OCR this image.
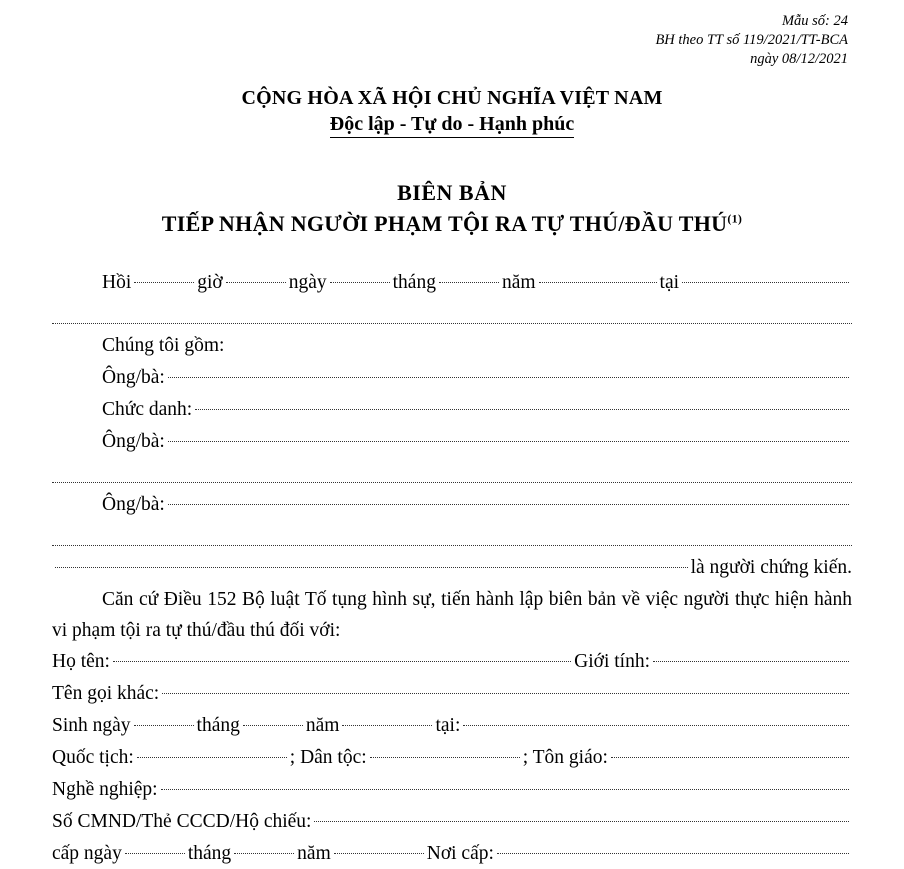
Mẫu số: 24
BH theo TT số 119/2021/TT-BCA
ngày 08/12/2021
CỘNG HÒA XÃ HỘI CHỦ NGHĨA VIỆT NAM
Độc lập - Tự do - Hạnh phúc
BIÊN BẢN
TIẾP NHẬN NGƯỜI PHẠM TỘI RA TỰ THÚ/ĐẦU THÚ$^{(1)}$
Hồi	giờ	ngày	tháng	năm	tại
Chúng tôi gồm:
Ông/bà:
Chức danh:
Ông/bà:
Ông/bà:
là người chứng kiến.

Căn cứ Điều 152 Bộ luật Tố tụng hình sự, tiến hành lập biên bản về việc người thực hiện hành vi phạm tội ra tự thú/đầu thú đối với:

Họ tên:	Giới tính:
Tên gọi khác:
Sinh ngày	tháng	năm	tại:
Quốc tịch:	; Dân tộc:	; Tôn giáo:
Nghề nghiệp:
Số CMND/Thẻ CCCD/Hộ chiếu:
cấp ngày	tháng	năm	Nơi cấp:
